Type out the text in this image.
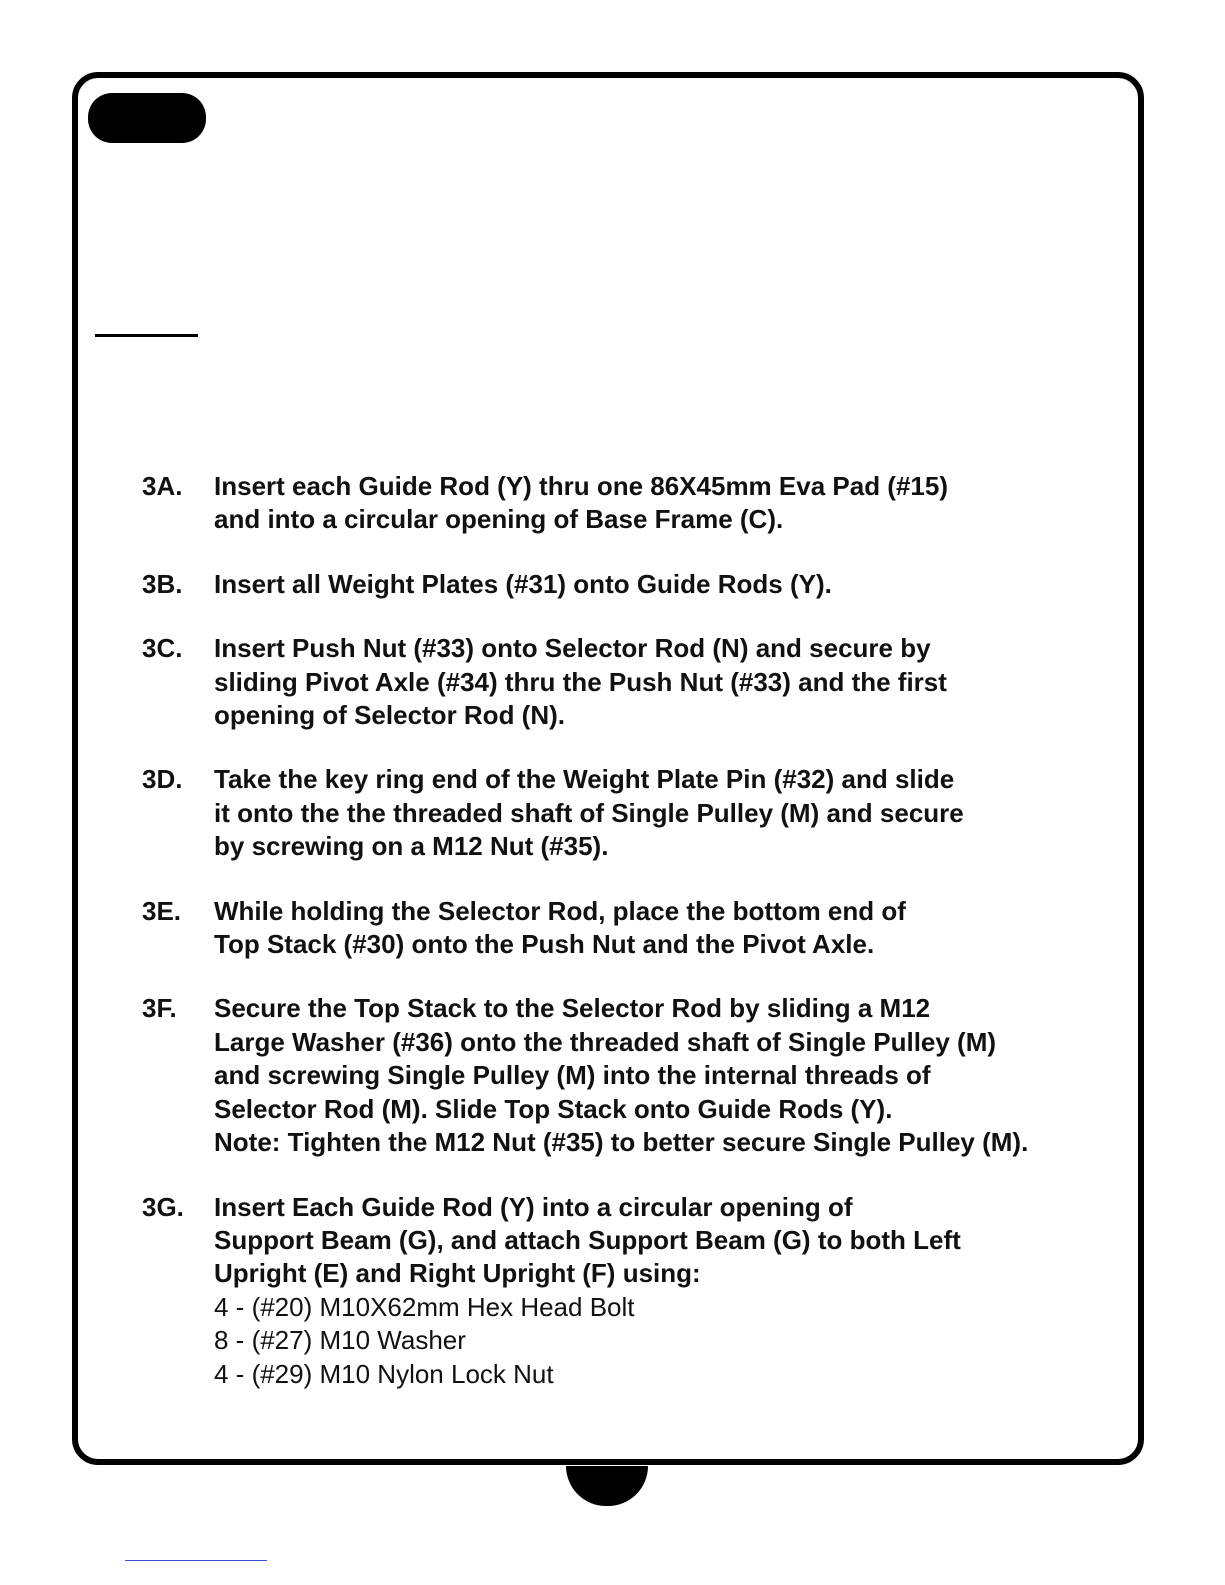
3A.	Insert each Guide Rod (Y) thru one 86X45mm Eva Pad (#15)
and into a circular opening of Base Frame (C).
3B.	Insert all Weight Plates (#31) onto Guide Rods (Y).
3C.	Insert Push Nut (#33) onto Selector Rod (N) and secure by
sliding Pivot Axle (#34) thru the Push Nut (#33) and the first
opening of Selector Rod (N).
3D.	Take the key ring end of the Weight Plate Pin (#32) and slide
it onto the the threaded shaft of Single Pulley (M) and secure
by screwing on a M12 Nut (#35).
3E.	While holding the Selector Rod, place the bottom end of
Top Stack (#30) onto the Push Nut and the Pivot Axle.
3F.	Secure the Top Stack to the Selector Rod by sliding a M12
Large Washer (#36) onto the threaded shaft of Single Pulley (M)
and screwing Single Pulley (M) into the internal threads of
Selector Rod (M). Slide Top Stack onto Guide Rods (Y).
Note: Tighten the M12 Nut (#35) to better secure Single Pulley (M).
3G.	Insert Each Guide Rod (Y) into a circular opening of
Support Beam (G), and attach Support Beam (G) to both Left
Upright (E) and Right Upright (F) using:
4 - (#20) M10X62mm Hex Head Bolt
8 - (#27) M10 Washer
4 - (#29) M10 Nylon Lock Nut
